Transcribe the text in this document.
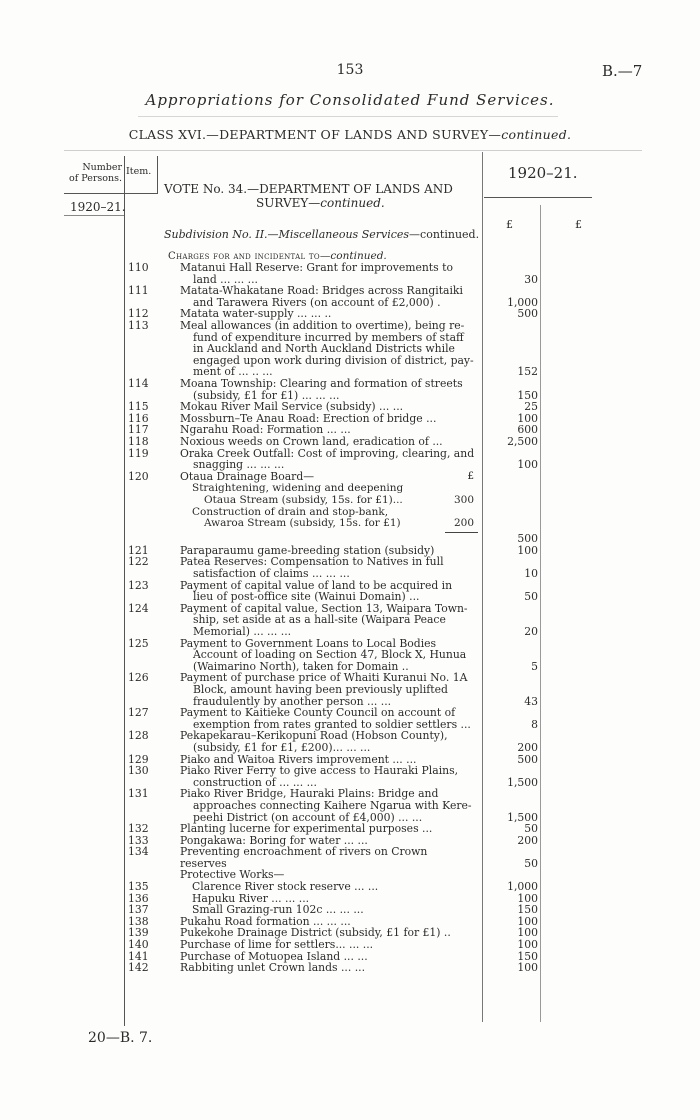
153	B.—7
Appropriations for Consolidated Fund Services.
CLASS XVI.—DEPARTMENT OF LANDS AND SURVEY—continued.
Number
of Persons.
Item.	1920–21.
1920–21.
VOTE No. 34.—DEPARTMENT OF LANDS AND
SURVEY—continued.
£	£
Subdivision No. II.—Miscellaneous Services—continued.
Charges for and incidental to—continued.
110	Matanui Hall Reserve: Grant for improvements to
land ... ... ...	30
111	Matata-Whakatane Road: Bridges across Rangitaiki
and Tarawera Rivers (on account of £2,000) .	1,000
112	Matata water-supply ... ... ..	500
113	Meal allowances (in addition to overtime), being re-
fund of expenditure incurred by members of staff
in Auckland and North Auckland Districts while
engaged upon work during division of district, pay-
ment of ... .. ...	152
114	Moana Township: Clearing and formation of streets
(subsidy, £1 for £1) ... ... ...	150
115	Mokau River Mail Service (subsidy) ... ...	25
116	Mossburn–Te Anau Road: Erection of bridge ...	100
117	Ngarahu Road: Formation ... ...	600
118	Noxious weeds on Crown land, eradication of ...	2,500
119	Oraka Creek Outfall: Cost of improving, clearing, and
snagging ... ... ...	100
120	Otaua Drainage Board—
	£
Straightening, widening and deepening
Otaua Stream (subsidy, 15s. for £1)...	300
Construction of drain and stop-bank,
Awaroa Stream (subsidy, 15s. for £1)	200

500
121	Paraparaumu game-breeding station (subsidy)	100
122	Patea Reserves: Compensation to Natives in full
satisfaction of claims ... ... ...	10
123	Payment of capital value of land to be acquired in
lieu of post-office site (Wainui Domain) ...	50
124	Payment of capital value, Section 13, Waipara Town-
ship, set aside at as a hall-site (Waipara Peace
Memorial) ... ... ...	20
125	Payment to Government Loans to Local Bodies
Account of loading on Section 47, Block X, Hunua
(Waimarino North), taken for Domain ..	5
126	Payment of purchase price of Whaiti Kuranui No. 1A
Block, amount having been previously uplifted
fraudulently by another person ... ...	43
127	Payment to Kaitieke County Council on account of
exemption from rates granted to soldier settlers ...	8
128	Pekapekarau–Kerikopuni Road (Hobson County),
(subsidy, £1 for £1, £200)... ... ...	200
129	Piako and Waitoa Rivers improvement ... ...	500
130	Piako River Ferry to give access to Hauraki Plains,
construction of ... ... ...	1,500
131	Piako River Bridge, Hauraki Plains: Bridge and
approaches connecting Kaihere Ngarua with Kere-
peehi District (on account of £4,000) ... ...	1,500
132	Planting lucerne for experimental purposes ...	50
133	Pongakawa: Boring for water ... ...	200
134	Preventing encroachment of rivers on Crown reserves	50
Protective Works—
135	Clarence River stock reserve ... ...	1,000
136	Hapuku River ... ... ...	100
137	Small Grazing-run 102c ... ... ...	150
138	Pukahu Road formation ... ... ...	100
139	Pukekohe Drainage District (subsidy, £1 for £1) ..	100
140	Purchase of lime for settlers... ... ...	100
141	Purchase of Motuopea Island ... ...	150
142	Rabbiting unlet Crown lands ... ...	100
20—B. 7.
